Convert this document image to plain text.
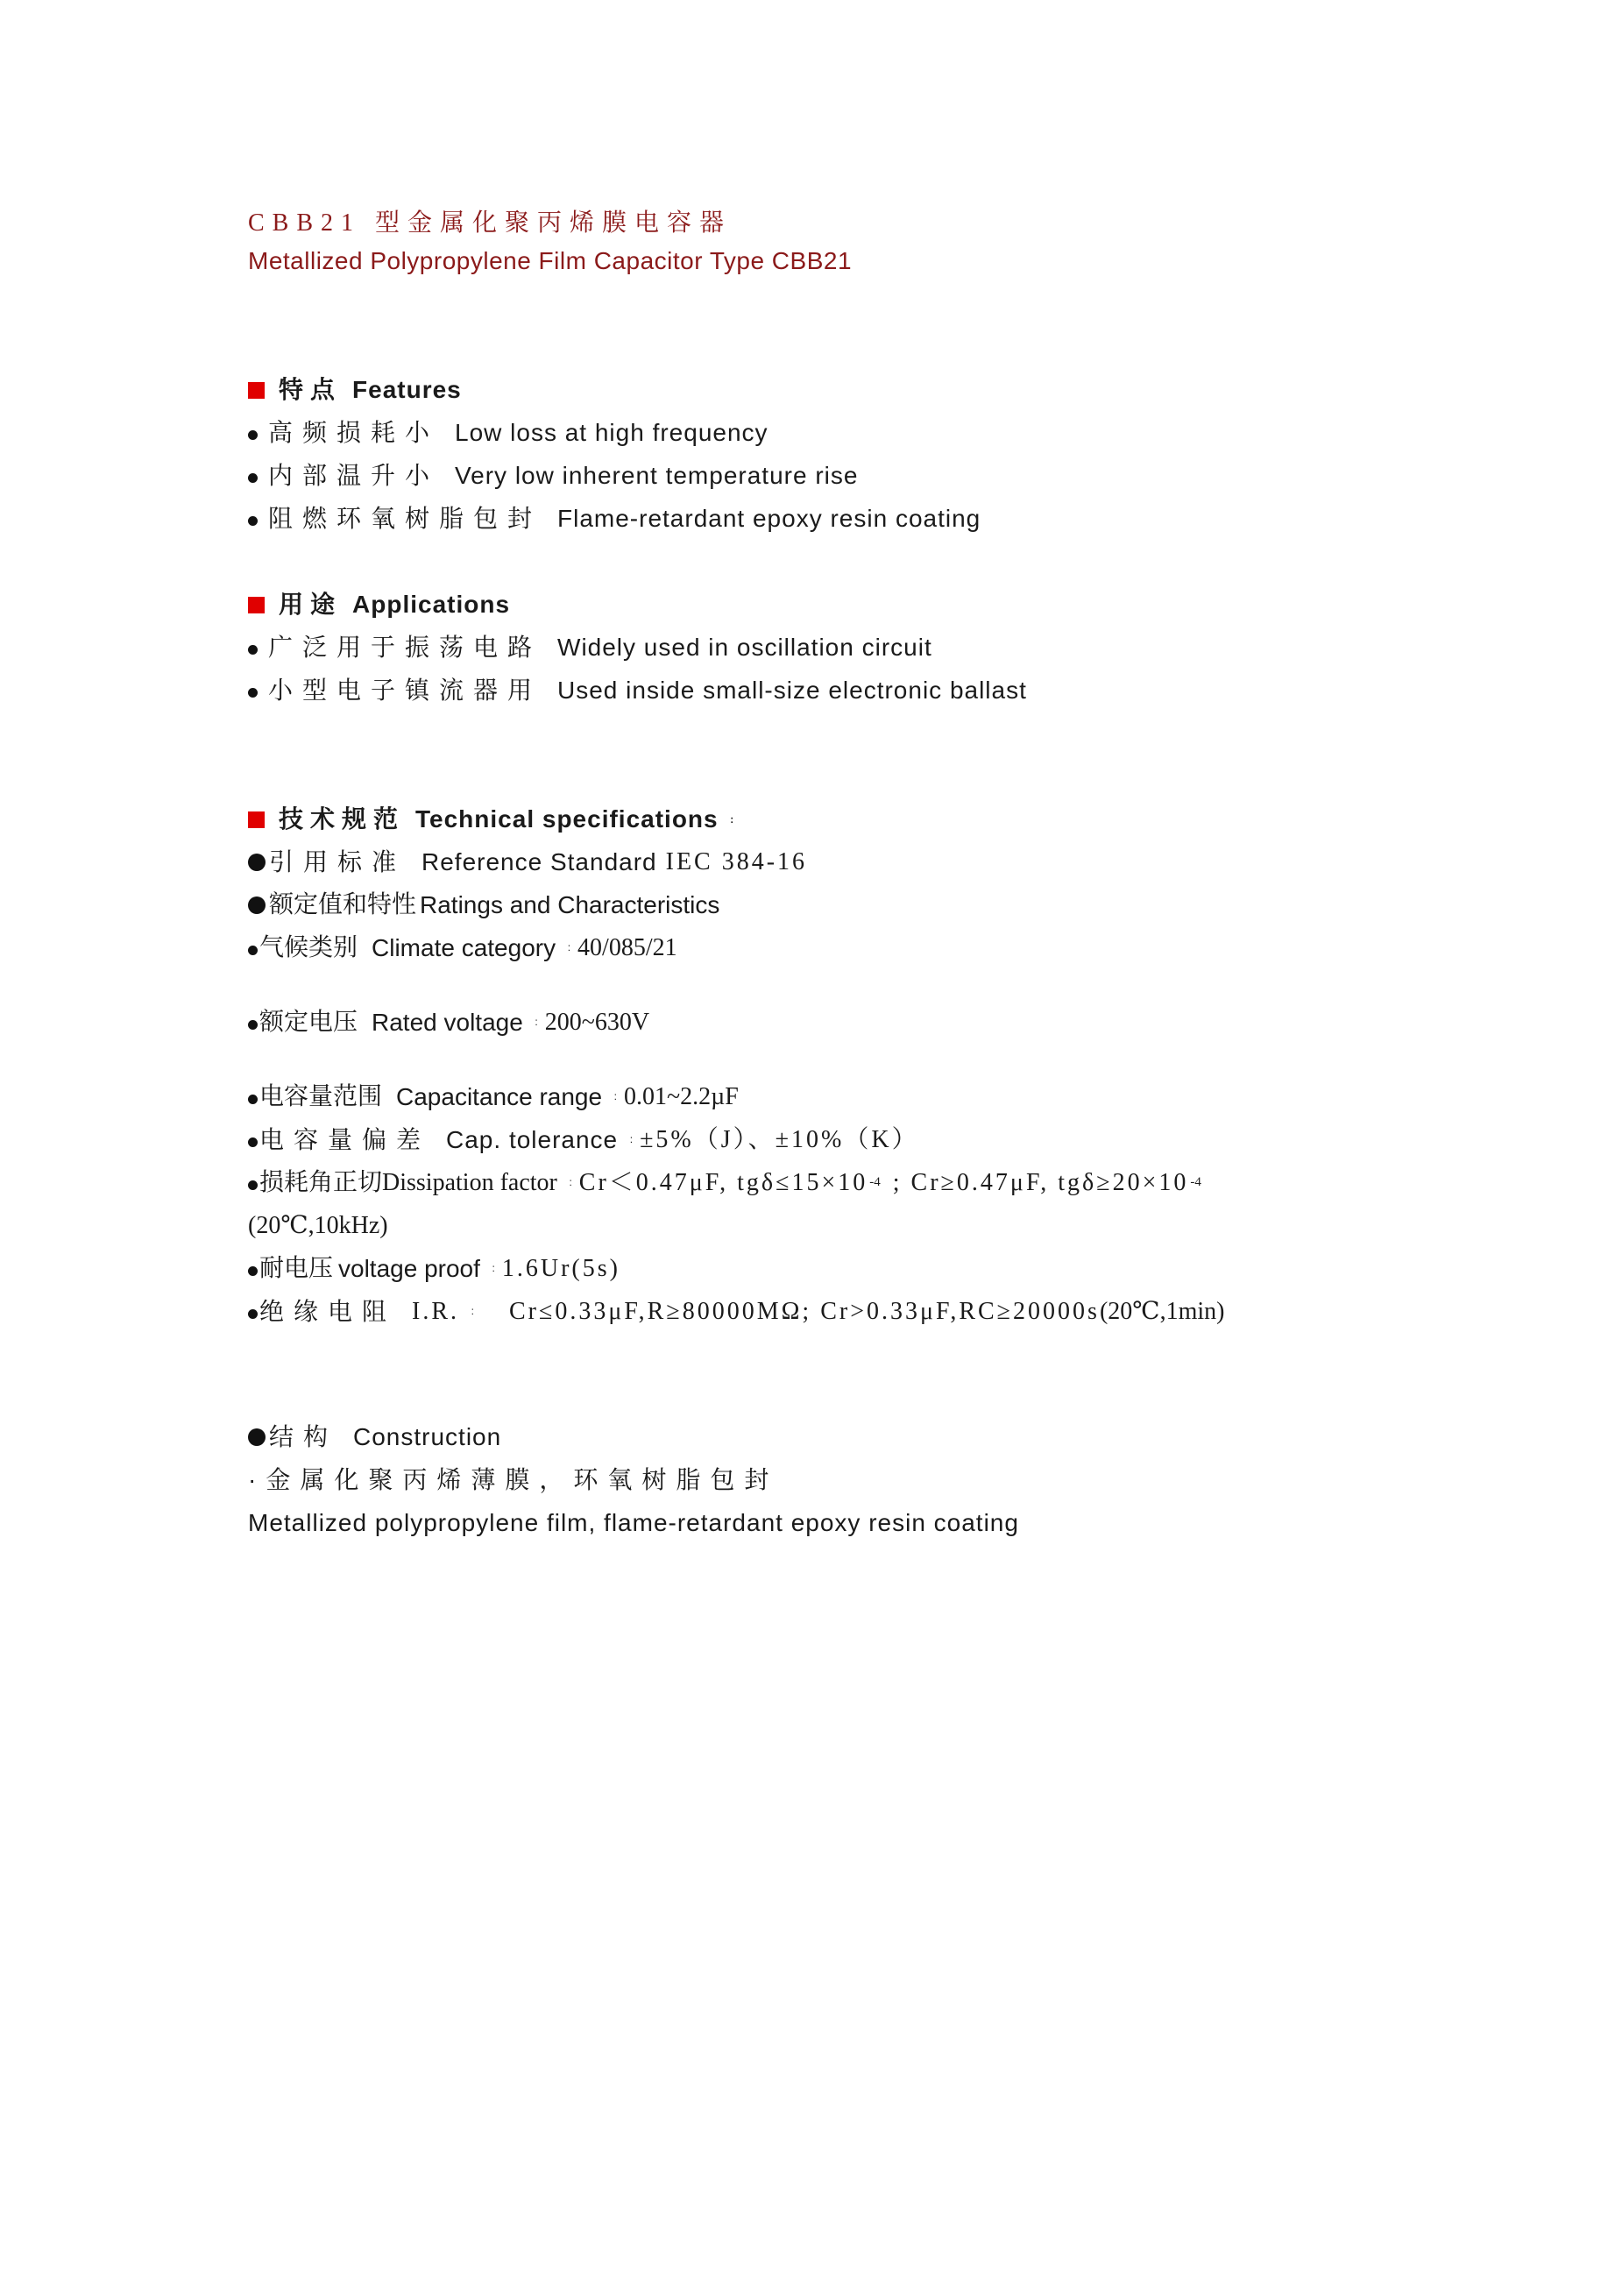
CBB21 型金属化聚丙烯膜电容器
Metallized Polypropylene Film Capacitor Type CBB21
特点 Features
高频损耗小 Low loss at high frequency
内部温升小 Very low inherent temperature rise
阻燃环氧树脂包封 Flame-retardant epoxy resin coating
用途 Applications
广泛用于振荡电路 Widely used in oscillation circuit
小型电子镇流器用 Used inside small-size electronic ballast
技术规范 Technical specifications ﾠ:
引用标准 Reference Standard IEC 384-16
额定值和特性 Ratings and Characteristics
气候类别 Climate category ﾠ: 40/085/21
额定电压 Rated voltage ﾠ: 200~630V
电容量范围 Capacitance range ﾠ: 0.01~2.2µF
电容量偏差 Cap. tolerance ﾠ: ±5%（J）、±10%（K）
损耗角正切 Dissipation factor ﾠ: Cr＜0.47μF, tgδ≤15×10 -4 ; Cr≥0.47μF, tgδ≥20×10 -4
(20℃,10kHz)
耐电压 voltage proof ﾠ: 1.6Ur(5s)
绝缘电阻 I.R. ﾠ: Cr≤0.33μF,R≥80000MΩ; Cr>0.33μF,RC≥20000s (20℃,1min)
结构 Construction
·金属化聚丙烯薄膜，环氧树脂包封
Metallized polypropylene film, flame-retardant epoxy resin coating
